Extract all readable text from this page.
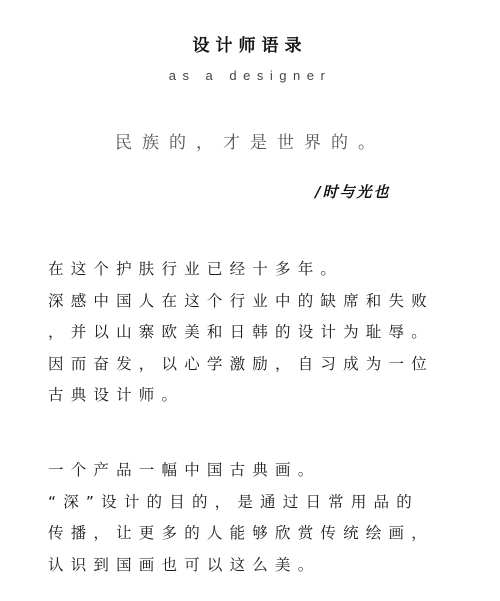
设计师语录
as a designer
民族的，才是世界的。
/时与光也
在这个护肤行业已经十多年。
深感中国人在这个行业中的缺席和失败
，并以山寨欧美和日韩的设计为耻辱。
因而奋发，以心学激励，自习成为一位
古典设计师。
一个产品一幅中国古典画。
“深”设计的目的，是通过日常用品的
传播，让更多的人能够欣赏传统绘画，
认识到国画也可以这么美。
